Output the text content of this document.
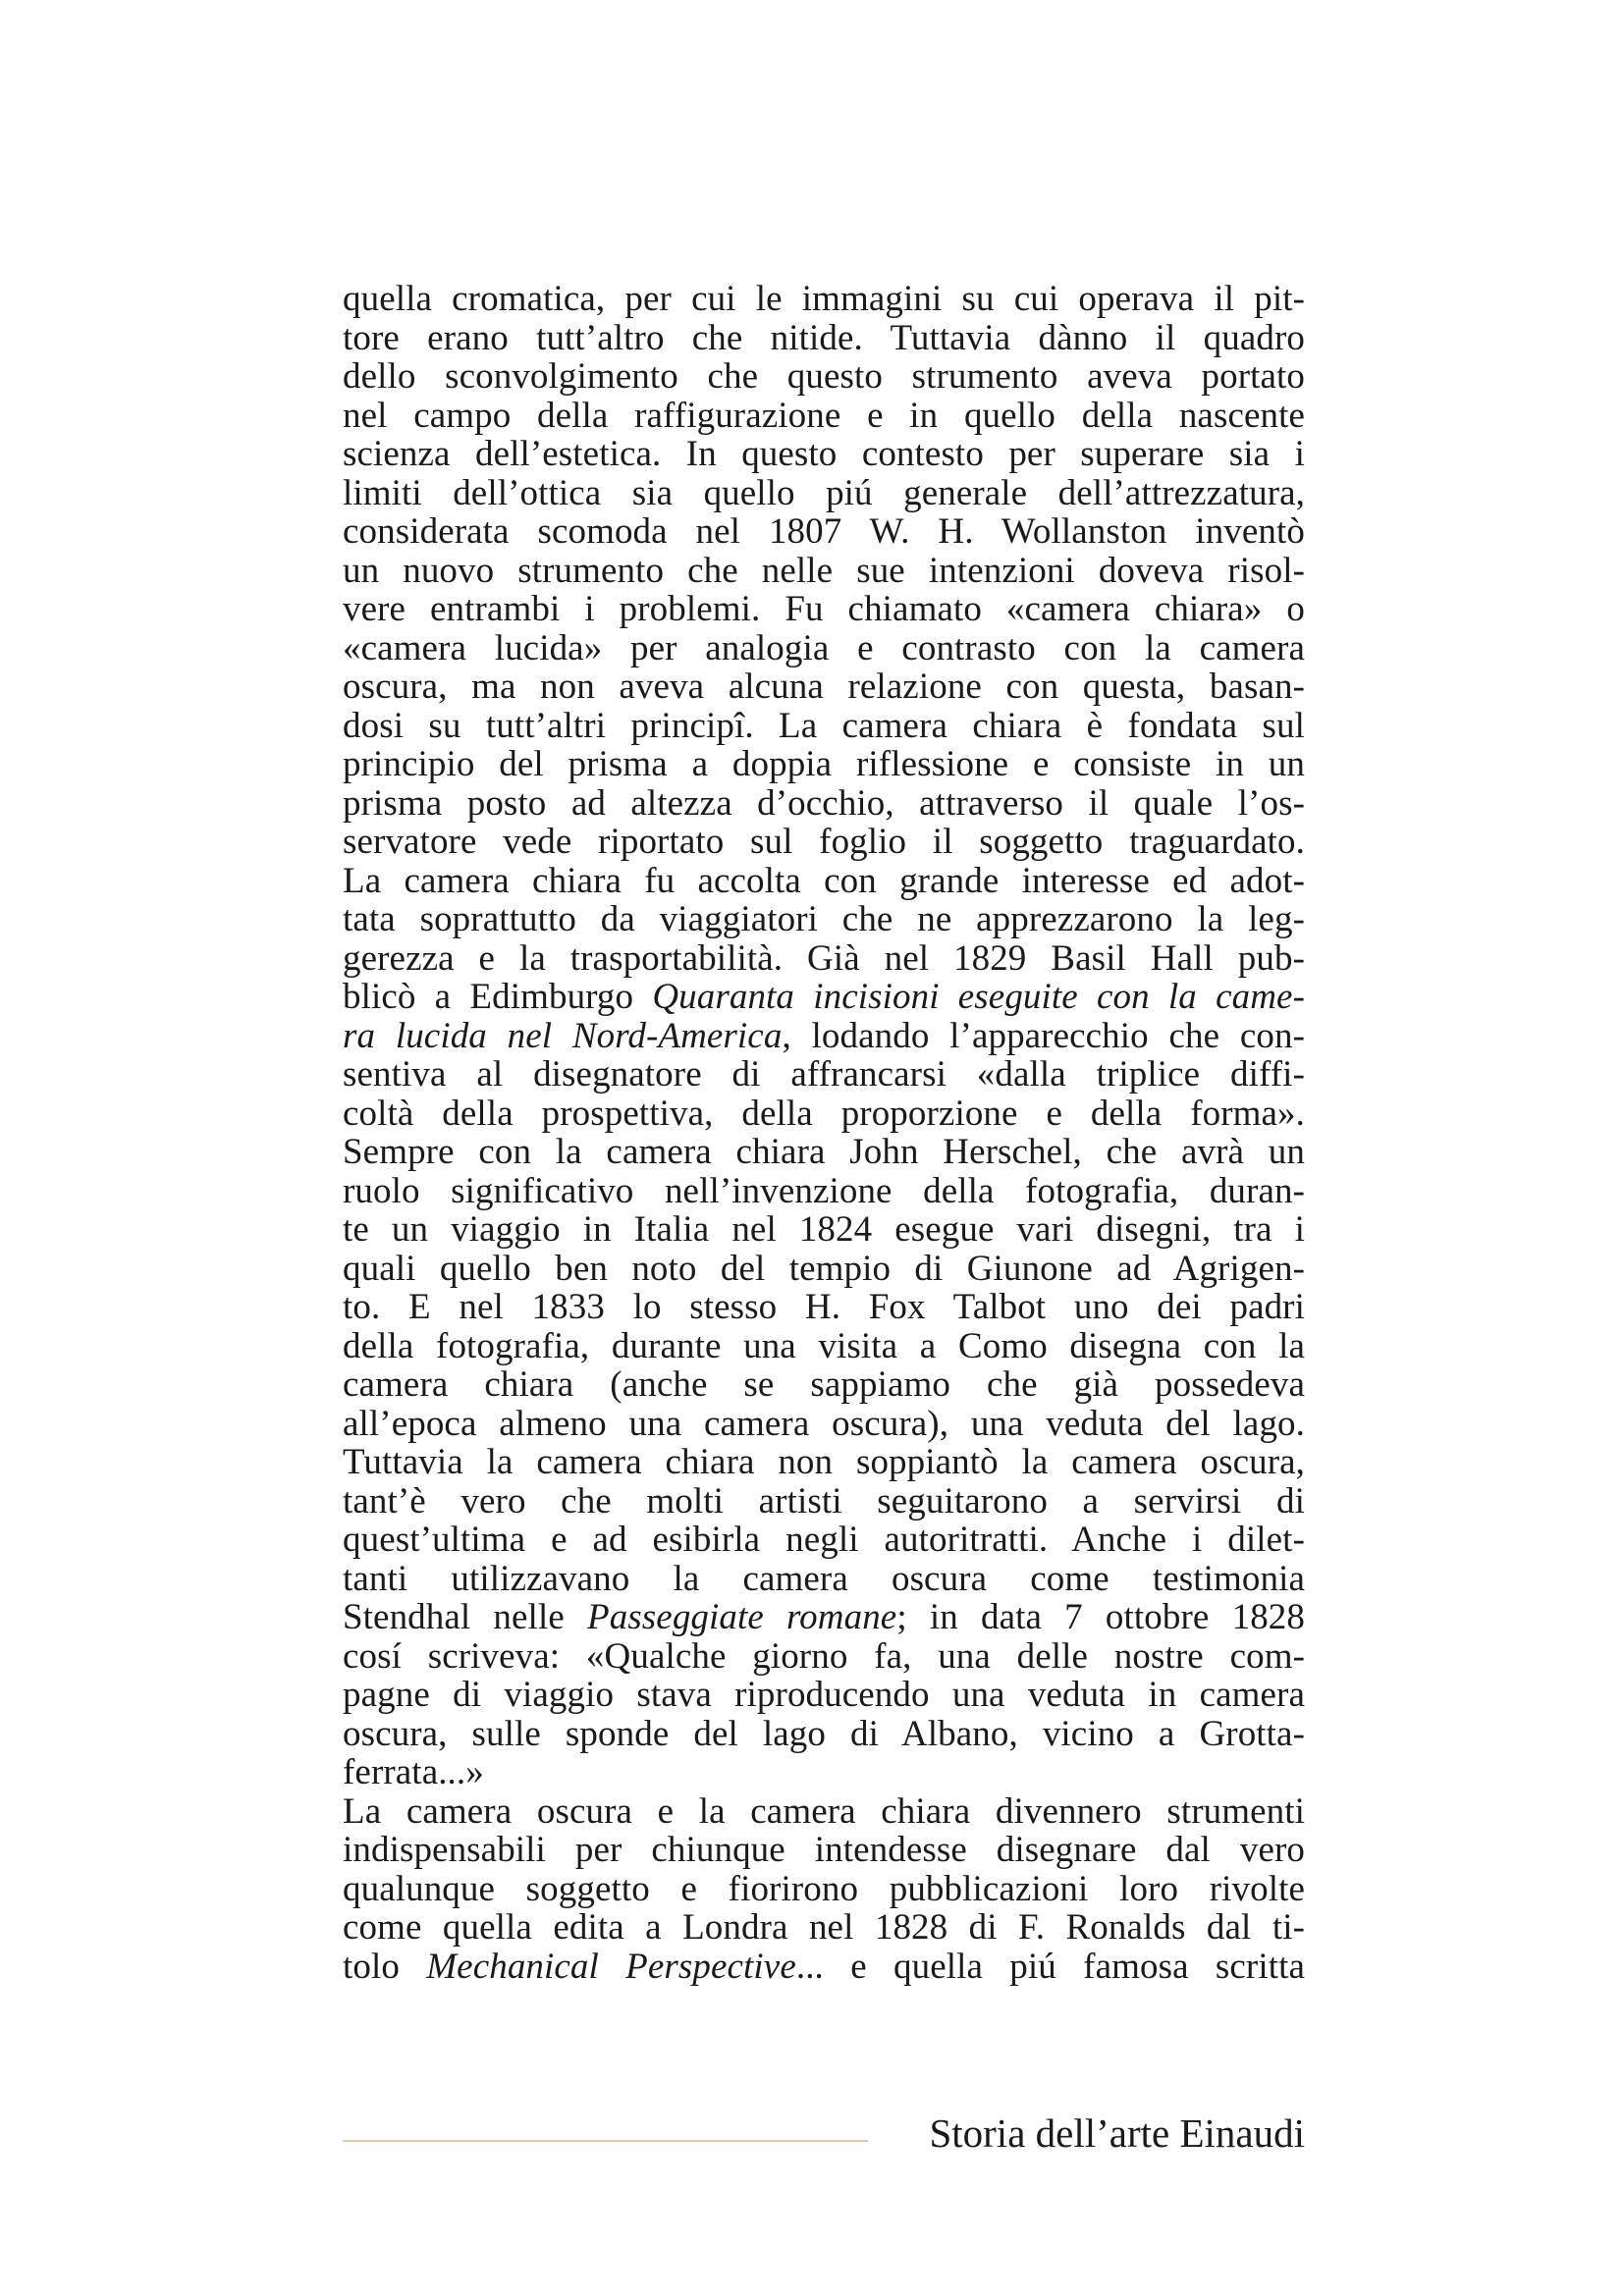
quella cromatica, per cui le immagini su cui operava il pit-
tore erano tutt’altro che nitide. Tuttavia dànno il quadro
dello sconvolgimento che questo strumento aveva portato
nel campo della raffigurazione e in quello della nascente
scienza dell’estetica. In questo contesto per superare sia i
limiti dell’ottica sia quello piú generale dell’attrezzatura,
considerata scomoda nel 1807 W. H. Wollanston inventò
un nuovo strumento che nelle sue intenzioni doveva risol-
vere entrambi i problemi. Fu chiamato «camera chiara» o
«camera lucida» per analogia e contrasto con la camera
oscura, ma non aveva alcuna relazione con questa, basan-
dosi su tutt’altri principî. La camera chiara è fondata sul
principio del prisma a doppia riflessione e consiste in un
prisma posto ad altezza d’occhio, attraverso il quale l’os-
servatore vede riportato sul foglio il soggetto traguardato.
La camera chiara fu accolta con grande interesse ed adot-
tata soprattutto da viaggiatori che ne apprezzarono la leg-
gerezza e la trasportabilità. Già nel 1829 Basil Hall pub-
blicò a Edimburgo Quaranta incisioni eseguite con la came-
ra lucida nel Nord-America, lodando l’apparecchio che con-
sentiva al disegnatore di affrancarsi «dalla triplice diffi-
coltà della prospettiva, della proporzione e della forma».
Sempre con la camera chiara John Herschel, che avrà un
ruolo significativo nell’invenzione della fotografia, duran-
te un viaggio in Italia nel 1824 esegue vari disegni, tra i
quali quello ben noto del tempio di Giunone ad Agrigen-
to. E nel 1833 lo stesso H. Fox Talbot uno dei padri
della fotografia, durante una visita a Como disegna con la
camera chiara (anche se sappiamo che già possedeva
all’epoca almeno una camera oscura), una veduta del lago.
Tuttavia la camera chiara non soppiantò la camera oscura,
tant’è vero che molti artisti seguitarono a servirsi di
quest’ultima e ad esibirla negli autoritratti. Anche i dilet-
tanti utilizzavano la camera oscura come testimonia
Stendhal nelle Passeggiate romane; in data 7 ottobre 1828
cosí scriveva: «Qualche giorno fa, una delle nostre com-
pagne di viaggio stava riproducendo una veduta in camera
oscura, sulle sponde del lago di Albano, vicino a Grotta-
ferrata...»
La camera oscura e la camera chiara divennero strumenti
indispensabili per chiunque intendesse disegnare dal vero
qualunque soggetto e fiorirono pubblicazioni loro rivolte
come quella edita a Londra nel 1828 di F. Ronalds dal ti-
tolo Mechanical Perspective... e quella piú famosa scritta
Storia dell’arte Einaudi
